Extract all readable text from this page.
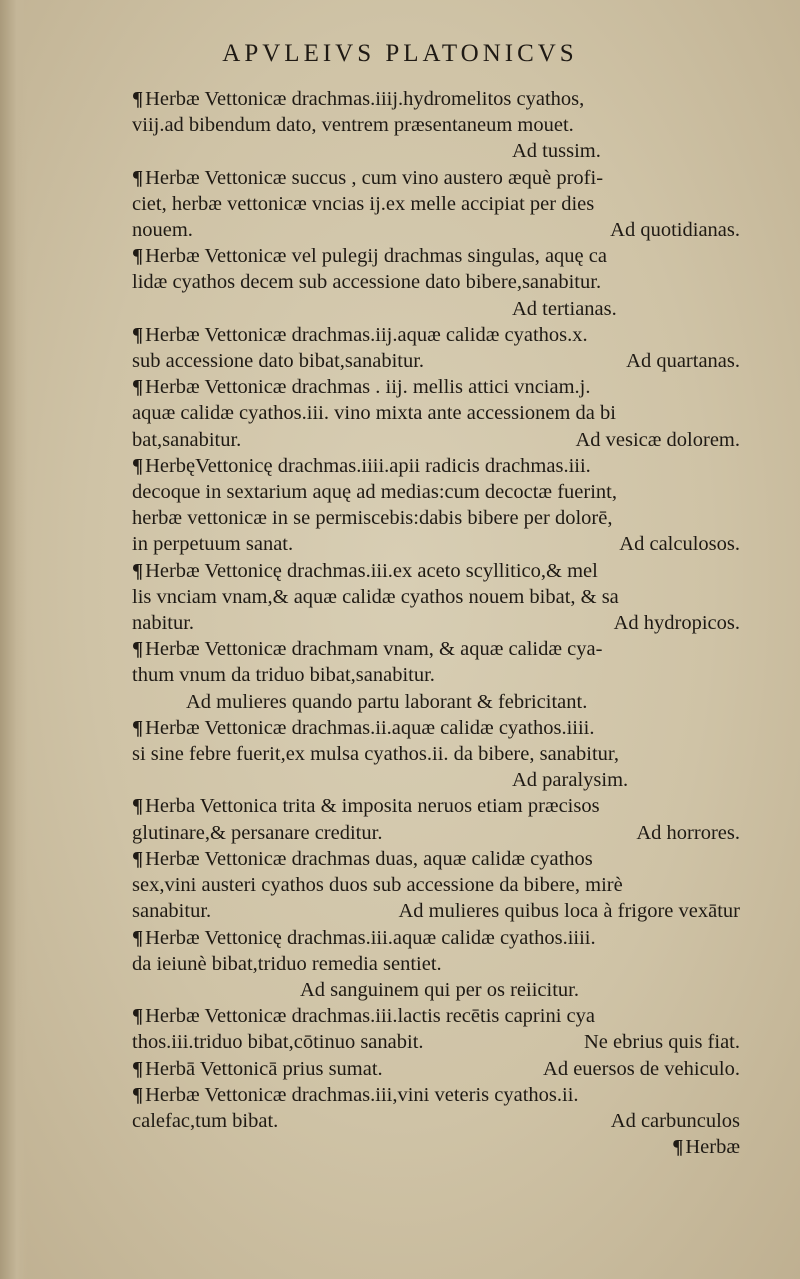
APVLEIVS PLATONICVS
¶Herbæ Vettonicæ drachmas.iiij.hydromelitos cyathos,
viij.ad bibendum dato, ventrem præsentaneum mouet.
Ad tussim.
¶Herbæ Vettonicæ succus , cum vino austero æquè profi-
ciet, herbæ vettonicæ vncias ij.ex melle accipiat per dies
nouem.	Ad quotidianas.
¶Herbæ Vettonicæ vel pulegij drachmas singulas, aquę ca
lidæ cyathos decem sub accessione dato bibere,sanabitur.
Ad tertianas.
¶Herbæ Vettonicæ drachmas.iij.aquæ calidæ cyathos.x.
sub accessione dato bibat,sanabitur.	Ad quartanas.
¶Herbæ Vettonicæ drachmas . iij. mellis attici vnciam.j.
aquæ calidæ cyathos.iii. vino mixta ante accessionem da bi
bat,sanabitur.	Ad vesicæ dolorem.
¶HerbęVettonicę drachmas.iiii.apii radicis drachmas.iii.
decoque in sextarium aquę ad medias:cum decoctæ fuerint,
herbæ vettonicæ in se permiscebis:dabis bibere per dolorē,
in perpetuum sanat.	Ad calculosos.
¶Herbæ Vettonicę drachmas.iii.ex aceto scyllitico,& mel
lis vnciam vnam,& aquæ calidæ cyathos nouem bibat, & sa
nabitur.	Ad hydropicos.
¶Herbæ Vettonicæ drachmam vnam, & aquæ calidæ cya-
thum vnum da triduo bibat,sanabitur.
Ad mulieres quando partu laborant & febricitant.
¶Herbæ Vettonicæ drachmas.ii.aquæ calidæ cyathos.iiii.
si sine febre fuerit,ex mulsa cyathos.ii. da bibere, sanabitur,
Ad paralysim.
¶Herba Vettonica trita & imposita neruos etiam præcisos
glutinare,& persanare creditur.	Ad horrores.
¶Herbæ Vettonicæ drachmas duas, aquæ calidæ cyathos
sex,vini austeri cyathos duos sub accessione da bibere, mirè
sanabitur.	Ad mulieres quibus loca à frigore vexātur
¶Herbæ Vettonicę drachmas.iii.aquæ calidæ cyathos.iiii.
da ieiunè bibat,triduo remedia sentiet.
Ad sanguinem qui per os reiicitur.
¶Herbæ Vettonicæ drachmas.iii.lactis recētis caprini cya
thos.iii.triduo bibat,cōtinuo sanabit.	Ne ebrius quis fiat.
¶Herbā Vettonicā prius sumat.	Ad euersos de vehiculo.
¶Herbæ Vettonicæ drachmas.iii,vini veteris cyathos.ii.
calefac,tum bibat.	Ad carbunculos
¶Herbæ
